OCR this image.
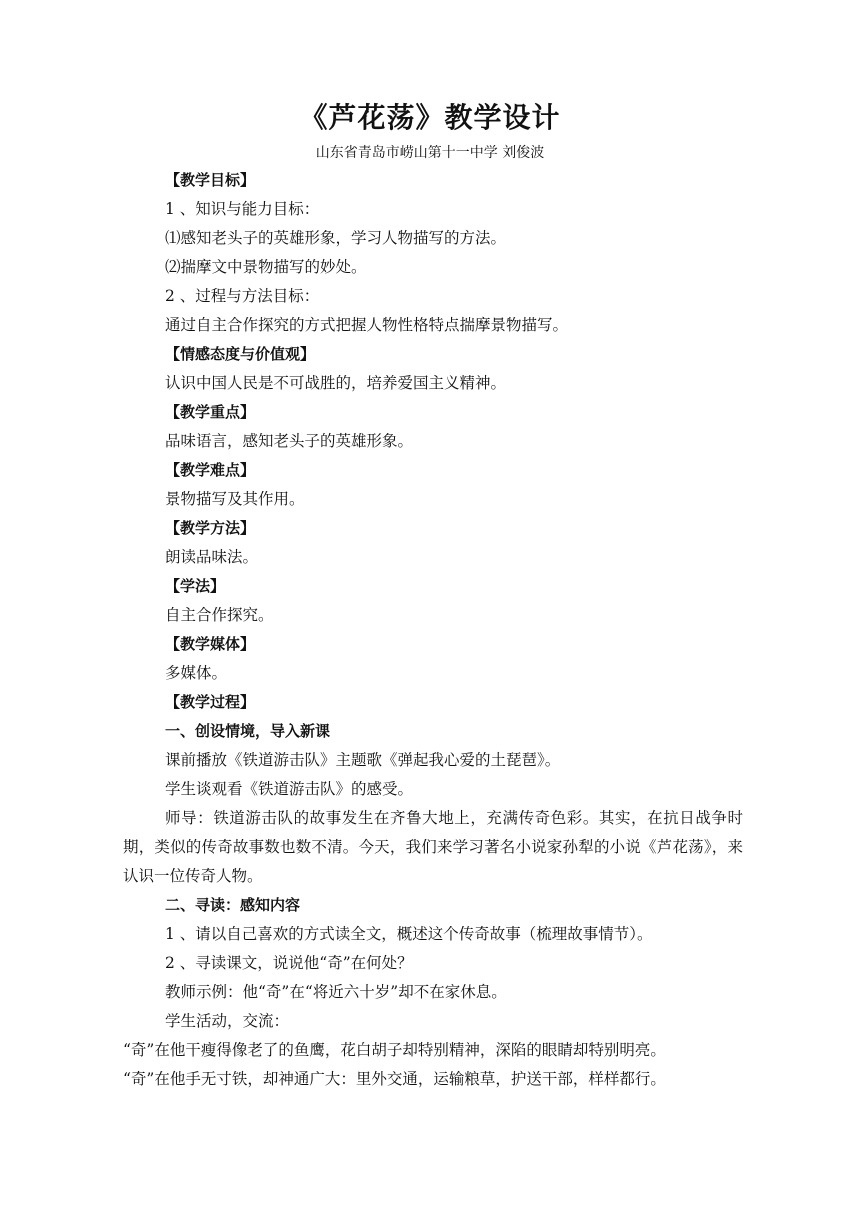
《芦花荡》教学设计
山东省青岛市崂山第十一中学 刘俊波
【教学目标】
1 、知识与能力目标：
⑴感知老头子的英雄形象，学习人物描写的方法。
⑵揣摩文中景物描写的妙处。
2 、过程与方法目标：
通过自主合作探究的方式把握人物性格特点揣摩景物描写。
【情感态度与价值观】
认识中国人民是不可战胜的，培养爱国主义精神。
【教学重点】
品味语言，感知老头子的英雄形象。
【教学难点】
景物描写及其作用。
【教学方法】
朗读品味法。
【学法】
自主合作探究。
【教学媒体】
多媒体。
【教学过程】
一、创设情境，导入新课
课前播放《铁道游击队》主题歌《弹起我心爱的土琵琶》。
学生谈观看《铁道游击队》的感受。
师导：铁道游击队的故事发生在齐鲁大地上，充满传奇色彩。其实，在抗日战争时期，类似的传奇故事数也数不清。今天，我们来学习著名小说家孙犁的小说《芦花荡》，来认识一位传奇人物。
二、寻读：感知内容
1 、请以自己喜欢的方式读全文，概述这个传奇故事（梳理故事情节）。
2 、寻读课文，说说他“奇”在何处？
教师示例：他“奇”在“将近六十岁”却不在家休息。
学生活动，交流：
“奇”在他干瘦得像老了的鱼鹰，花白胡子却特别精神，深陷的眼睛却特别明亮。
“奇”在他手无寸铁，却神通广大：里外交通，运输粮草，护送干部，样样都行。
